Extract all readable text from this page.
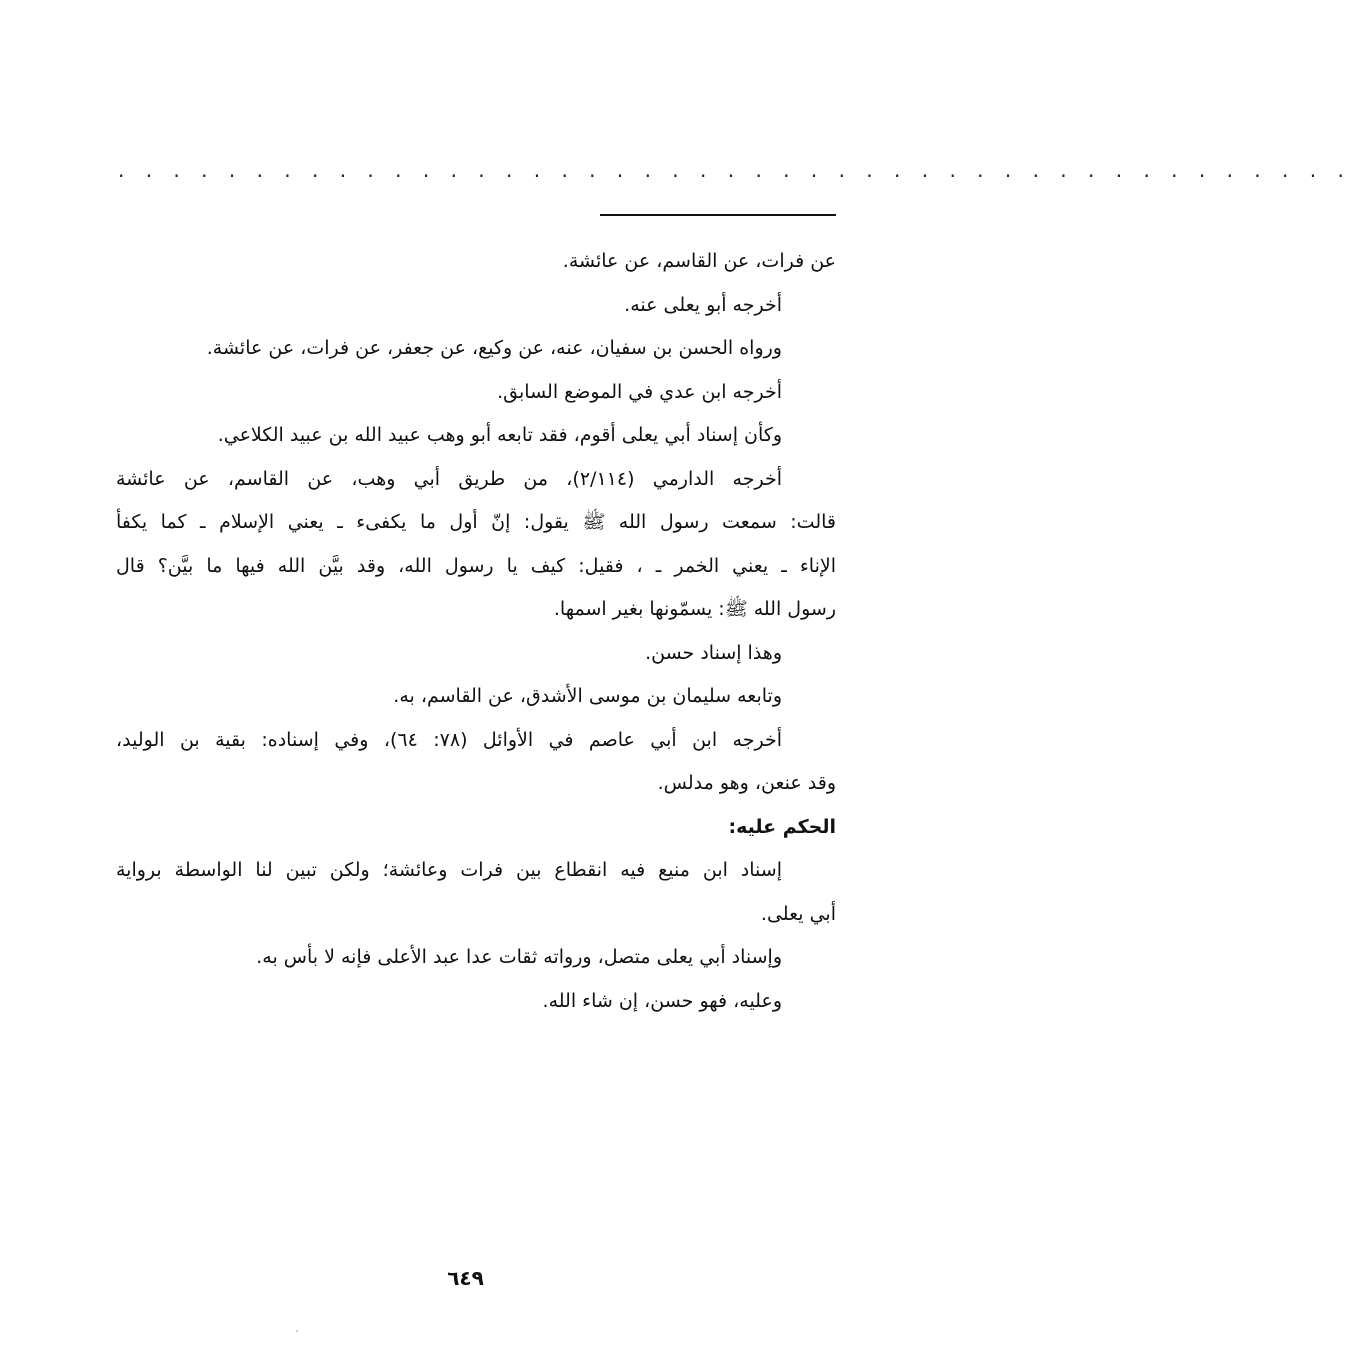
. . . . . . . . . . . . . . . . . . . . . . . . . . . . . . . . . . . . . . . . . . . . .
عن فرات، عن القاسم، عن عائشة.
أخرجه أبو يعلى عنه.
ورواه الحسن بن سفيان، عنه، عن وكيع، عن جعفر، عن فرات، عن عائشة.
أخرجه ابن عدي في الموضع السابق.
وكأن إسناد أبي يعلى أقوم، فقد تابعه أبو وهب عبيد الله بن عبيد الكلاعي.
أخرجه الدارمي (٢/١١٤)، من طريق أبي وهب، عن القاسم، عن عائشة
قالت: سمعت رسول الله ﷺ يقول: إنّ أول ما يكفىء ـ يعني الإسلام ـ كما يكفأ
الإناء ـ يعني الخمر ـ ، فقيل: كيف يا رسول الله، وقد بيَّن الله فيها ما بيَّن؟ قال
رسول الله ﷺ: يسمّونها بغير اسمها.
وهذا إسناد حسن.
وتابعه سليمان بن موسى الأشدق، عن القاسم، به.
أخرجه ابن أبي عاصم في الأوائل (٧٨: ٦٤)، وفي إسناده: بقية بن الوليد،
وقد عنعن، وهو مدلس.
الحكم عليه:
إسناد ابن منيع فيه انقطاع بين فرات وعائشة؛ ولكن تبين لنا الواسطة برواية
أبي يعلى.
وإسناد أبي يعلى متصل، ورواته ثقات عدا عبد الأعلى فإنه لا بأس به.
وعليه، فهو حسن، إن شاء الله.
٦٤٩
